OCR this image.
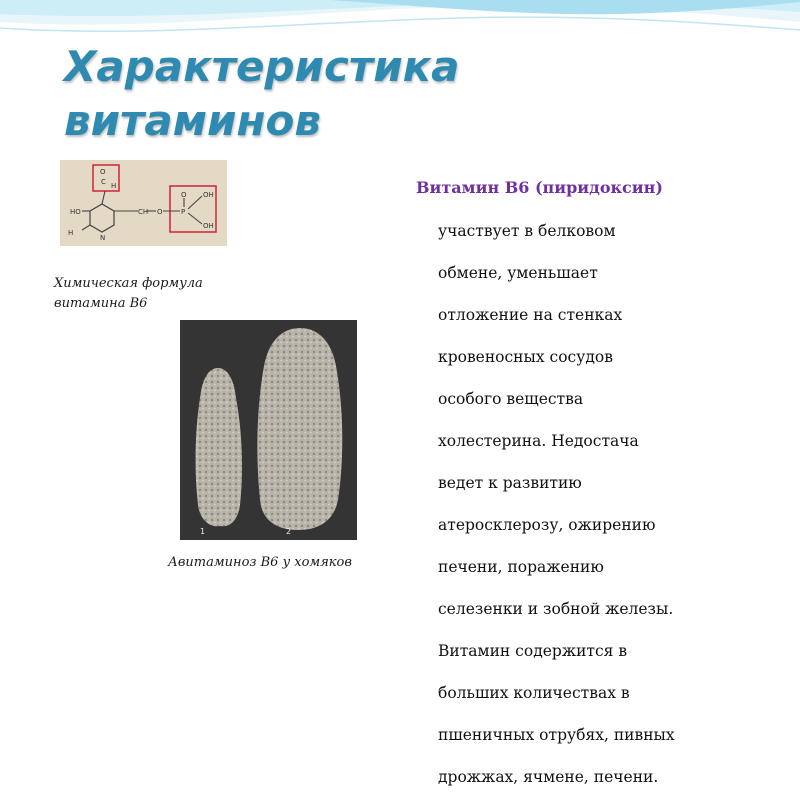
Характеристика
витаминов
C
O
H
HO	CH O	P
OH
O
OH
H
N
Химическая формула
витамина В6
1	2
Авитаминоз В6 у хомяков
Витамин В6 (пиридоксин)

участвует в белковом

обмене, уменьшает

отложение на стенках

кровеносных сосудов

особого вещества

холестерина. Недостача

ведет к развитию

атеросклерозу, ожирению

печени, поражению

селезенки и зобной железы.

Витамин содержится в

больших количествах в

пшеничных отрубях, пивных

дрожжах, ячмене, печени.
